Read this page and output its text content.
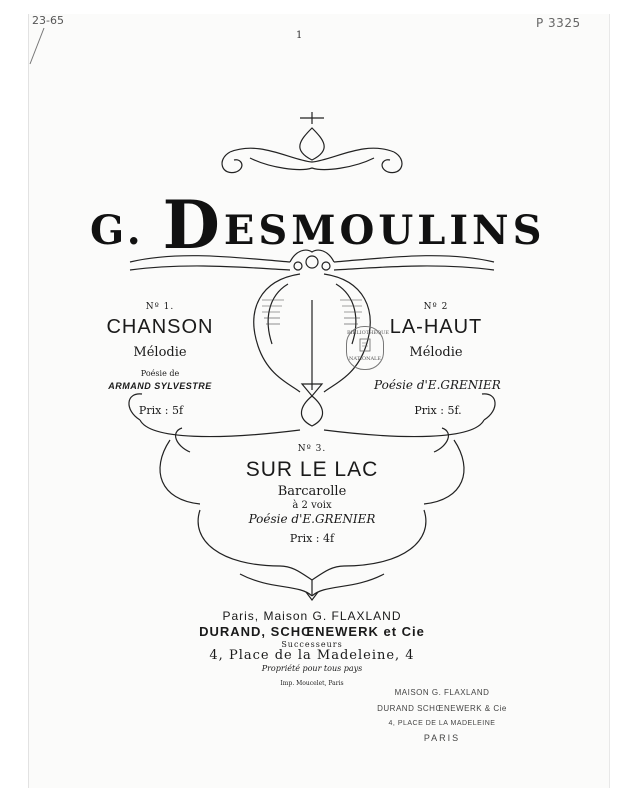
23-65	P 3325
1
G. DESMOULINS
Nº 1.
CHANSON
Mélodie
Poésie de
ARMAND SYLVESTRE
Prix : 5f
Nº 2
LA-HAUT
Mélodie
Poésie d'E.GRENIER
Prix : 5f.
BIBLIOTHÈQUE
NATIONALE
Nº 3.
SUR LE LAC
Barcarolle
à 2 voix
Poésie d'E.GRENIER
Prix : 4f
Paris, Maison G. FLAXLAND
DURAND, SCHŒNEWERK et Cie
Successeurs
4, Place de la Madeleine, 4
Propriété pour tous pays
Imp. Moucelet, Paris
MAISON G. FLAXLAND
DURAND SCHŒNEWERK & Cie
4, PLACE DE LA MADELEINE
PARIS
